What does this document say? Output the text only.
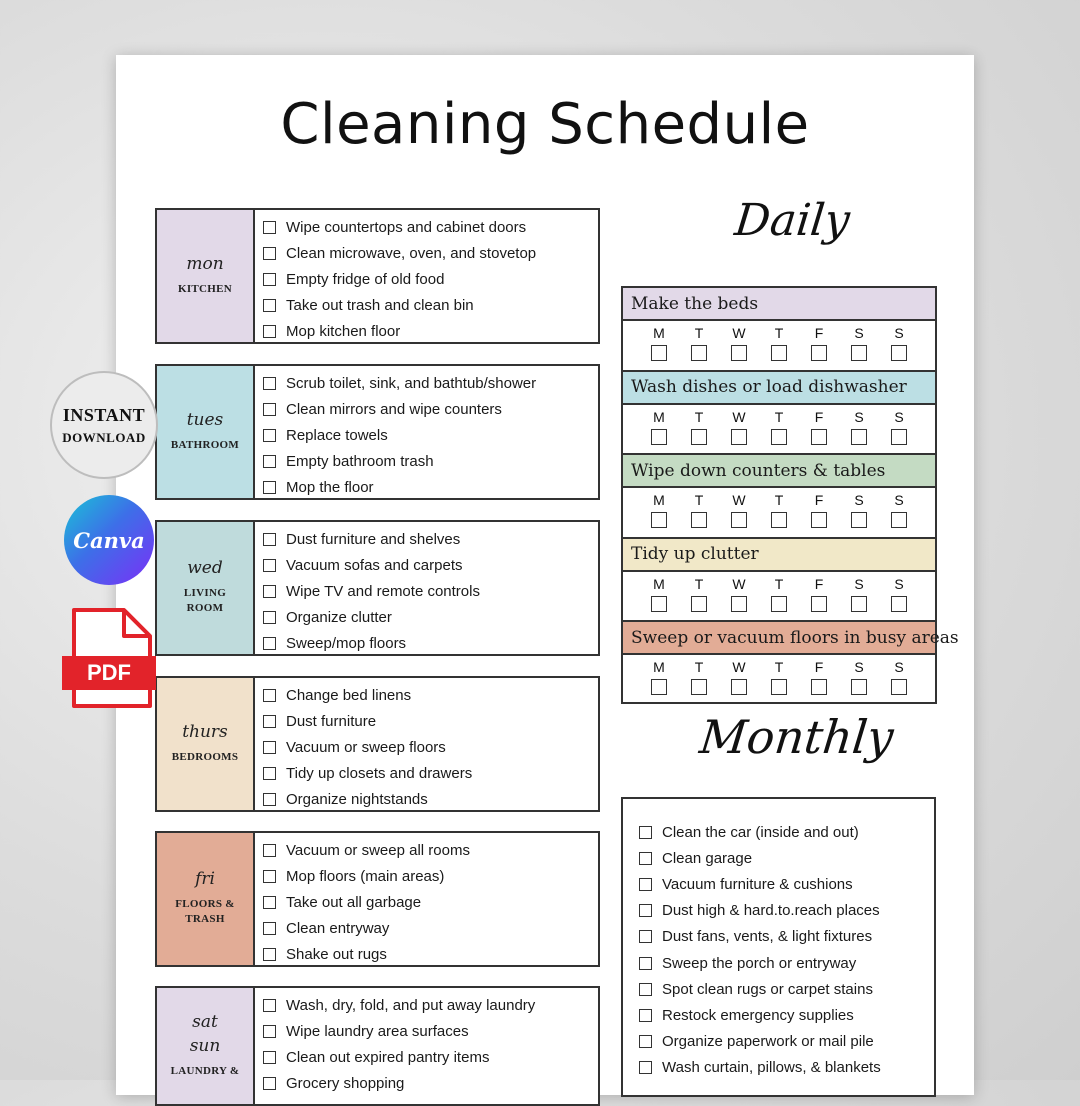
Cleaning Schedule
mon
KITCHEN
Wipe countertops and cabinet doors
Clean microwave, oven, and stovetop
Empty fridge of old food
Take out trash and clean bin
Mop kitchen floor
tues
BATHROOM
Scrub toilet, sink, and bathtub/shower
Clean mirrors and wipe counters
Replace towels
Empty bathroom trash
Mop the floor
wed
LIVING
ROOM
Dust furniture and shelves
Vacuum sofas and carpets
Wipe TV and remote controls
Organize clutter
Sweep/mop floors
thurs
BEDROOMS
Change bed linens
Dust furniture
Vacuum or sweep floors
Tidy up closets and drawers
Organize nightstands
fri
FLOORS &
TRASH
Vacuum or sweep all rooms
Mop floors (main areas)
Take out all garbage
Clean entryway
Shake out rugs
sat
sun
LAUNDRY &
Wash, dry, fold, and put away laundry
Wipe laundry area surfaces
Clean out expired pantry items
Grocery shopping
Daily
Make the beds
M T W T F S S
Wash dishes or load dishwasher
M T W T F S S
Wipe down counters & tables
M T W T F S S
Tidy up clutter
M T W T F S S
Sweep or vacuum floors in busy areas
M T W T F S S
Monthly
Clean the car (inside and out)
Clean garage
Vacuum furniture & cushions
Dust high & hard.to.reach places
Dust fans, vents, & light fixtures
Sweep the porch or entryway
Spot clean rugs or carpet stains
Restock emergency supplies
Organize paperwork or mail pile
Wash curtain, pillows, & blankets
INSTANT
DOWNLOAD
Canva
PDF
